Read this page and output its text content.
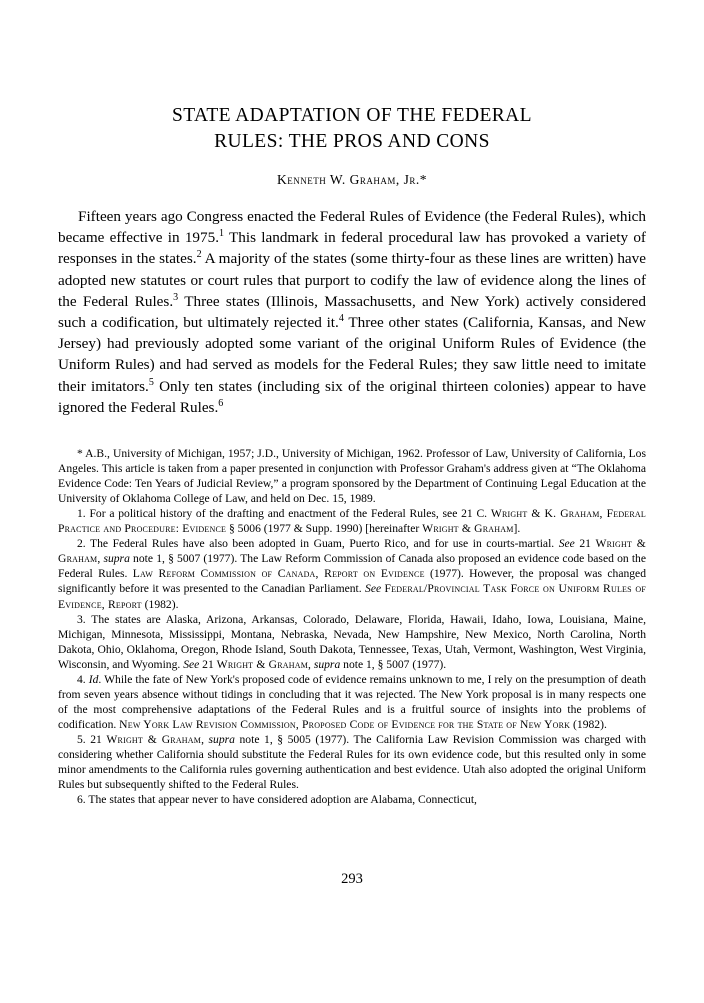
STATE ADAPTATION OF THE FEDERAL
RULES: THE PROS AND CONS
Kenneth W. Graham, Jr.*

Fifteen years ago Congress enacted the Federal Rules of Evidence (the Federal Rules), which became effective in 1975.$^1$ This landmark in federal procedural law has provoked a variety of responses in the states.$^2$ A majority of the states (some thirty-four as these lines are written) have adopted new statutes or court rules that purport to codify the law of evidence along the lines of the Federal Rules.$^3$ Three states (Illinois, Massachusetts, and New York) actively considered such a codification, but ultimately rejected it.$^4$ Three other states (California, Kansas, and New Jersey) had previously adopted some variant of the original Uniform Rules of Evidence (the Uniform Rules) and had served as models for the Federal Rules; they saw little need to imitate their imitators.$^5$ Only ten states (including six of the original thirteen colonies) appear to have ignored the Federal Rules.$^6$

* A.B., University of Michigan, 1957; J.D., University of Michigan, 1962. Professor of Law, University of California, Los Angeles. This article is taken from a paper presented in conjunction with Professor Graham's address given at “The Oklahoma Evidence Code: Ten Years of Judicial Review,” a program sponsored by the Department of Continuing Legal Education at the University of Oklahoma College of Law, and held on Dec. 15, 1989.

1. For a political history of the drafting and enactment of the Federal Rules, see 21 C. Wright & K. Graham, Federal Practice and Procedure: Evidence § 5006 (1977 & Supp. 1990) [hereinafter Wright & Graham].

2. The Federal Rules have also been adopted in Guam, Puerto Rico, and for use in courts-martial. See 21 Wright & Graham, supra note 1, § 5007 (1977). The Law Reform Commission of Canada also proposed an evidence code based on the Federal Rules. Law Reform Commission of Canada, Report on Evidence (1977). However, the proposal was changed significantly before it was presented to the Canadian Parliament. See Federal/Provincial Task Force on Uniform Rules of Evidence, Report (1982).

3. The states are Alaska, Arizona, Arkansas, Colorado, Delaware, Florida, Hawaii, Idaho, Iowa, Louisiana, Maine, Michigan, Minnesota, Mississippi, Montana, Nebraska, Nevada, New Hampshire, New Mexico, North Carolina, North Dakota, Ohio, Oklahoma, Oregon, Rhode Island, South Dakota, Tennessee, Texas, Utah, Vermont, Washington, West Virginia, Wisconsin, and Wyoming. See 21 Wright & Graham, supra note 1, § 5007 (1977).

4. Id. While the fate of New York's proposed code of evidence remains unknown to me, I rely on the presumption of death from seven years absence without tidings in concluding that it was rejected. The New York proposal is in many respects one of the most comprehensive adaptations of the Federal Rules and is a fruitful source of insights into the problems of codification. New York Law Revision Commission, Proposed Code of Evidence for the State of New York (1982).

5. 21 Wright & Graham, supra note 1, § 5005 (1977). The California Law Revision Commission was charged with considering whether California should substitute the Federal Rules for its own evidence code, but this resulted only in some minor amendments to the California rules governing authentication and best evidence. Utah also adopted the original Uniform Rules but subsequently shifted to the Federal Rules.

6. The states that appear never to have considered adoption are Alabama, Connecticut,

293
